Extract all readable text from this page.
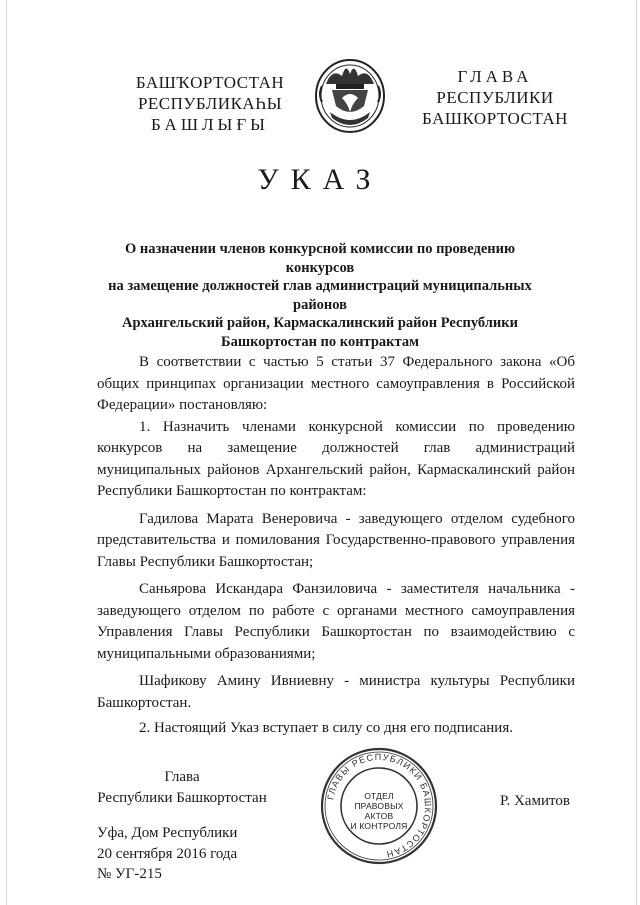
БАШҠОРТОСТАН
РЕСПУБЛИКАҺЫ
БАШЛЫҒЫ
ГЛАВА
РЕСПУБЛИКИ
БАШКОРТОСТАН
УКАЗ
О назначении членов конкурсной комиссии по проведению конкурсов
на замещение должностей глав администраций муниципальных районов
Архангельский район, Кармаскалинский район Республики
Башкортостан по контрактам

В соответствии с частью 5 статьи 37 Федерального закона «Об общих принципах организации местного самоуправления в Российской Федерации» постановляю:

1. Назначить членами конкурсной комиссии по проведению конкурсов на замещение должностей глав администраций муниципальных районов Архангельский район, Кармаскалинский район Республики Башкортостан по контрактам:

Гадилова Марата Венеровича - заведующего отделом судебного представительства и помилования Государственно-правового управления Главы Республики Башкортостан;

Саньярова Искандара Фанзиловича - заместителя начальника - заведующего отделом по работе с органами местного самоуправления Управления Главы Республики Башкортостан по взаимодействию с муниципальными образованиями;

Шафикову Амину Ивниевну - министра культуры Республики Башкортостан.

2. Настоящий Указ вступает в силу со дня его подписания.

Глава
Республики Башкортостан	ГЛАВЫ РЕСПУБЛИКИ БАШКОРТОСТАН
ОТДЕЛ
ПРАВОВЫХ АКТОВ
И КОНТРОЛЯ
Р. Хамитов
Уфа, Дом Республики
20 сентября 2016 года
№ УГ-215
